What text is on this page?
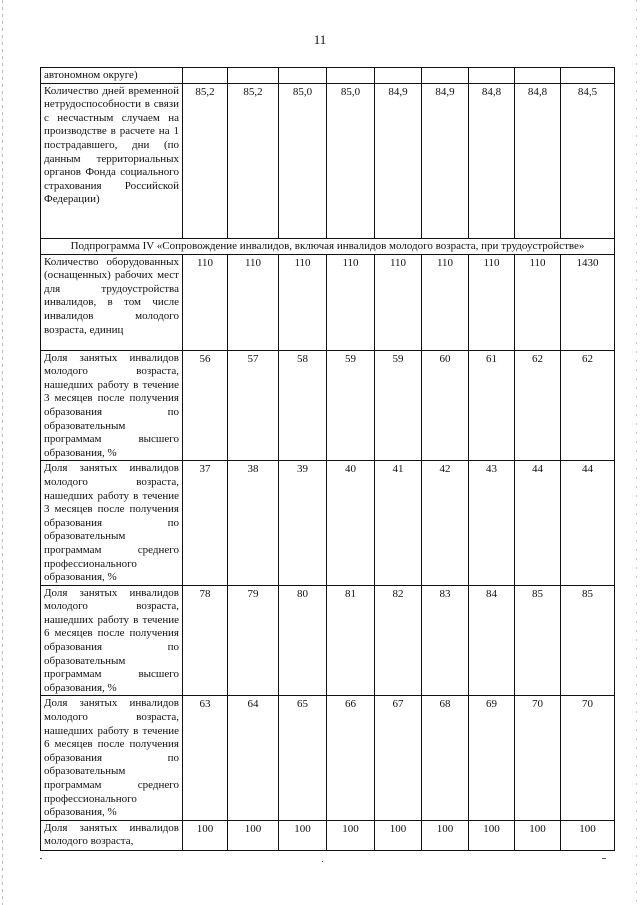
11
автономном округе)									
Количество дней временной нетрудоспособности в связи с несчастным случаем на производстве в расчете на 1 пострадавшего, дни (по данным территориальных органов Фонда социального страхования Российской Федерации)	85,2	85,2	85,0	85,0	84,9	84,9	84,8	84,8	84,5
Подпрограмма IV «Сопровождение инвалидов, включая инвалидов молодого возраста, при трудоустройстве»									
Количество оборудованных (оснащенных) рабочих мест для трудоустройства инвалидов, в том числе инвалидов молодого возраста, единиц	110	110	110	110	110	110	110	110	1430
Доля занятых инвалидов молодого возраста, нашедших работу в течение 3 месяцев после получения образования по образовательным программам высшего образования, %	56	57	58	59	59	60	61	62	62
Доля занятых инвалидов молодого возраста, нашедших работу в течение 3 месяцев после получения образования по образовательным программам среднего профессионального образования, %	37	38	39	40	41	42	43	44	44
Доля занятых инвалидов молодого возраста, нашедших работу в течение 6 месяцев после получения образования по образовательным программам высшего образования, %	78	79	80	81	82	83	84	85	85
Доля занятых инвалидов молодого возраста, нашедших работу в течение 6 месяцев после получения образования по образовательным программам среднего профессионального образования, %	63	64	65	66	67	68	69	70	70
Доля занятых инвалидов молодого возраста,	100	100	100	100	100	100	100	100	100
